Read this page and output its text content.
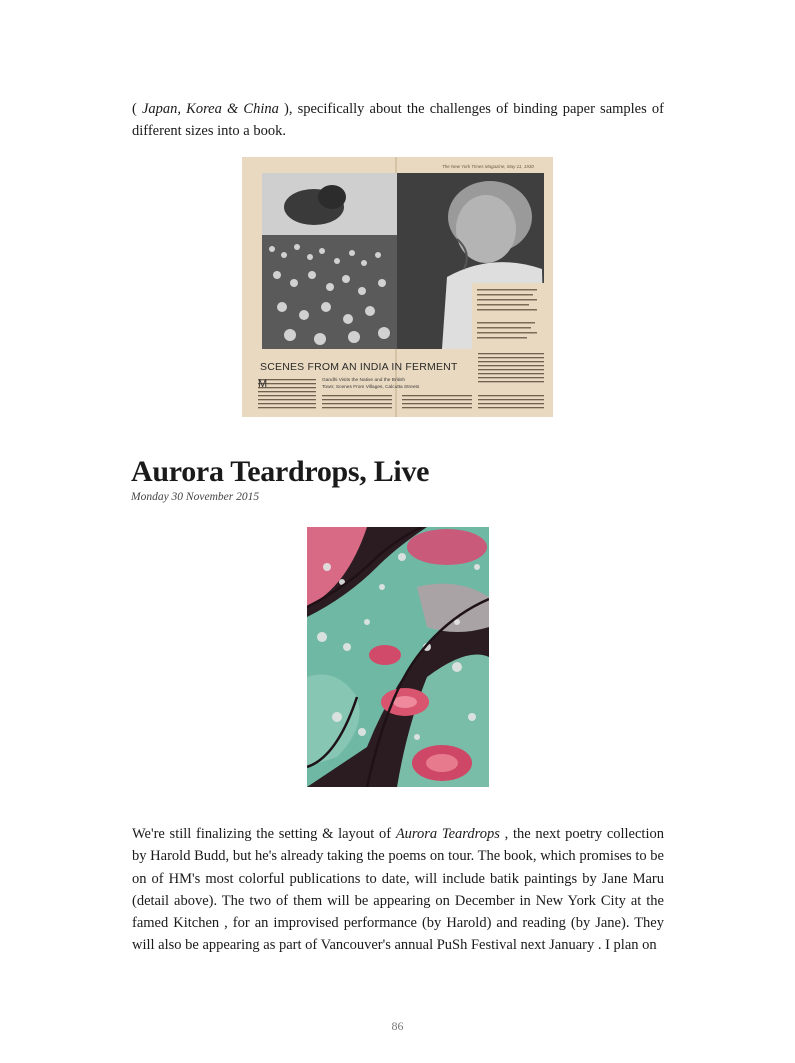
( Japan, Korea & China ), specifically about the challenges of binding paper samples of different sizes into a book.

The New York Times Magazine, May 11, 1930
SCENES FROM AN INDIA IN FERMENT
Gandhi Visits the Native and the British
Town; Scenes From Villages, Calcutta Streets
M
Aurora Teardrops, Live
Monday 30 November 2015

We're still finalizing the setting & layout of Aurora Teardrops , the next poetry collection by Harold Budd, but he's already taking the poems on tour. The book, which promises to be on of HM's most colorful publications to date, will include batik paintings by Jane Maru (detail above). The two of them will be appearing on December in New York City at the famed Kitchen , for an improvised performance (by Harold) and reading (by Jane). They will also be appearing as part of Vancouver's annual PuSh Festival next January . I plan on

86
